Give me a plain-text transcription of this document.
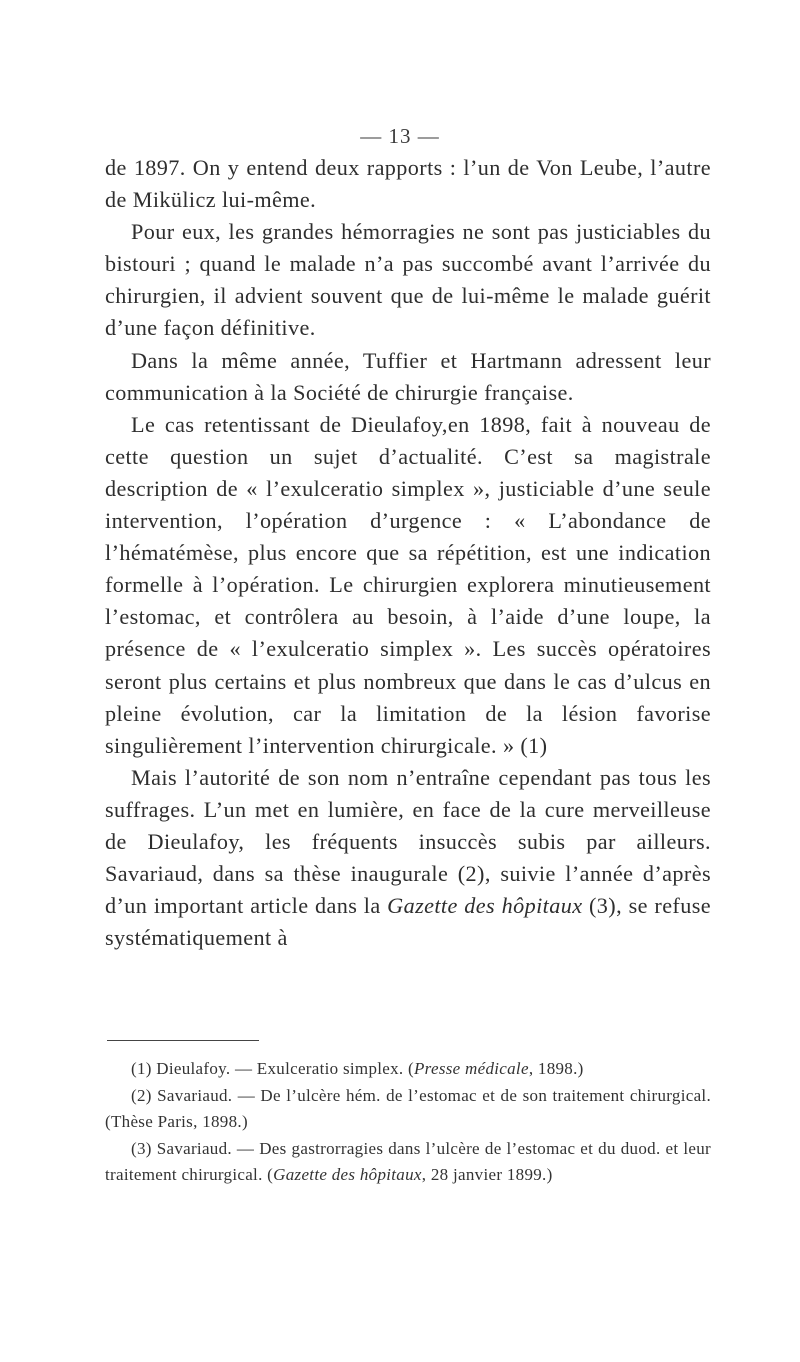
— 13 —

de 1897. On y entend deux rapports : l’un de Von Leube, l’autre de Mikülicz lui-même.

Pour eux, les grandes hémorragies ne sont pas justiciables du bistouri ; quand le malade n’a pas succombé avant l’arrivée du chirurgien, il advient souvent que de lui-même le malade guérit d’une façon définitive.

Dans la même année, Tuffier et Hartmann adressent leur communication à la Société de chirurgie française.

Le cas retentissant de Dieulafoy,en 1898, fait à nouveau de cette question un sujet d’actualité. C’est sa magistrale description de « l’exulceratio simplex », justiciable d’une seule intervention, l’opération d’urgence : « L’abondance de l’hématémèse, plus encore que sa répétition, est une indication formelle à l’opération. Le chirurgien explorera minutieusement l’estomac, et contrôlera au besoin, à l’aide d’une loupe, la présence de « l’exulceratio simplex ». Les succès opératoires seront plus certains et plus nombreux que dans le cas d’ulcus en pleine évolution, car la limitation de la lésion favorise singulièrement l’intervention chirurgicale. » (1)

Mais l’autorité de son nom n’entraîne cependant pas tous les suffrages. L’un met en lumière, en face de la cure merveilleuse de Dieulafoy, les fréquents insuccès subis par ailleurs. Savariaud, dans sa thèse inaugurale (2), suivie l’année d’après d’un important article dans la Gazette des hôpitaux (3), se refuse systématiquement à

(1) Dieulafoy. — Exulceratio simplex. (Presse médicale, 1898.)

(2) Savariaud. — De l’ulcère hém. de l’estomac et de son traitement chirurgical. (Thèse Paris, 1898.)

(3) Savariaud. — Des gastrorragies dans l’ulcère de l’estomac et du duod. et leur traitement chirurgical. (Gazette des hôpitaux, 28 janvier 1899.)
